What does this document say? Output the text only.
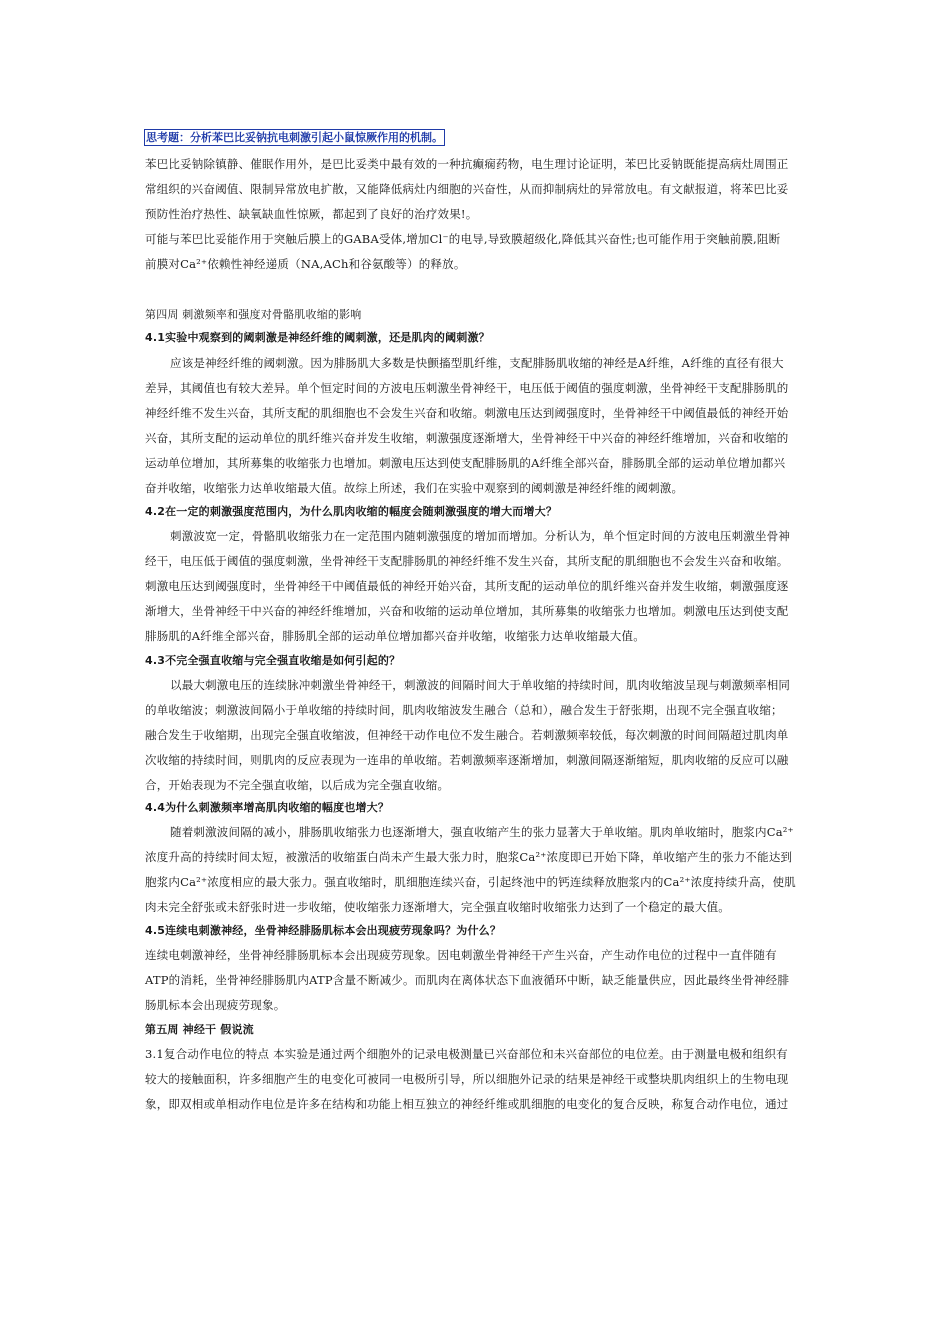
思考题：分析苯巴比妥钠抗电刺激引起小鼠惊厥作用的机制。
苯巴比妥钠除镇静、催眠作用外，是巴比妥类中最有效的一种抗癫痫药物，电生理讨论证明，苯巴比妥钠既能提高病灶周围正
常组织的兴奋阈值、限制异常放电扩散，又能降低病灶内细胞的兴奋性，从而抑制病灶的异常放电。有文献报道，将苯巴比妥
预防性治疗热性、缺氧缺血性惊厥，都起到了良好的治疗效果!。
可能与苯巴比妥能作用于突触后膜上的GABA受体,增加Cl⁻的电导,导致膜超级化,降低其兴奋性;也可能作用于突触前膜,阻断
前膜对Ca²⁺依赖性神经递质（NA,ACh和谷氨酸等）的释放。
第四周 刺激频率和强度对骨骼肌收缩的影响
4.1实验中观察到的阈刺激是神经纤维的阈刺激，还是肌肉的阈刺激？
应该是神经纤维的阈刺激。因为腓肠肌大多数是快颤搐型肌纤维，支配腓肠肌收缩的神经是A纤维，A纤维的直径有很大
差异，其阈值也有较大差异。单个恒定时间的方波电压刺激坐骨神经干，电压低于阈值的强度刺激，坐骨神经干支配腓肠肌的
神经纤维不发生兴奋，其所支配的肌细胞也不会发生兴奋和收缩。刺激电压达到阈强度时，坐骨神经干中阈值最低的神经开始
兴奋，其所支配的运动单位的肌纤维兴奋并发生收缩，刺激强度逐渐增大，坐骨神经干中兴奋的神经纤维增加，兴奋和收缩的
运动单位增加，其所募集的收缩张力也增加。刺激电压达到使支配腓肠肌的A纤维全部兴奋，腓肠肌全部的运动单位增加都兴
奋并收缩，收缩张力达单收缩最大值。故综上所述，我们在实验中观察到的阈刺激是神经纤维的阈刺激。
4.2在一定的刺激强度范围内，为什么肌肉收缩的幅度会随刺激强度的增大而增大？
刺激波宽一定，骨骼肌收缩张力在一定范围内随刺激强度的增加而增加。分析认为，单个恒定时间的方波电压刺激坐骨神
经干，电压低于阈值的强度刺激，坐骨神经干支配腓肠肌的神经纤维不发生兴奋，其所支配的肌细胞也不会发生兴奋和收缩。
刺激电压达到阈强度时，坐骨神经干中阈值最低的神经开始兴奋，其所支配的运动单位的肌纤维兴奋并发生收缩，刺激强度逐
渐增大，坐骨神经干中兴奋的神经纤维增加，兴奋和收缩的运动单位增加，其所募集的收缩张力也增加。刺激电压达到使支配
腓肠肌的A纤维全部兴奋，腓肠肌全部的运动单位增加都兴奋并收缩，收缩张力达单收缩最大值。
4.3不完全强直收缩与完全强直收缩是如何引起的？
以最大刺激电压的连续脉冲刺激坐骨神经干，刺激波的间隔时间大于单收缩的持续时间，肌肉收缩波呈现与刺激频率相同
的单收缩波；刺激波间隔小于单收缩的持续时间，肌肉收缩波发生融合（总和），融合发生于舒张期，出现不完全强直收缩；
融合发生于收缩期，出现完全强直收缩波，但神经干动作电位不发生融合。若刺激频率较低，每次刺激的时间间隔超过肌肉单
次收缩的持续时间，则肌肉的反应表现为一连串的单收缩。若刺激频率逐渐增加，刺激间隔逐渐缩短，肌肉收缩的反应可以融
合，开始表现为不完全强直收缩，以后成为完全强直收缩。
4.4为什么刺激频率增高肌肉收缩的幅度也增大？
随着刺激波间隔的减小，腓肠肌收缩张力也逐渐增大，强直收缩产生的张力显著大于单收缩。肌肉单收缩时，胞浆内Ca²⁺
浓度升高的持续时间太短，被激活的收缩蛋白尚未产生最大张力时，胞浆Ca²⁺浓度即已开始下降，单收缩产生的张力不能达到
胞浆内Ca²⁺浓度相应的最大张力。强直收缩时，肌细胞连续兴奋，引起终池中的钙连续释放胞浆内的Ca²⁺浓度持续升高，使肌
肉未完全舒张或未舒张时进一步收缩，使收缩张力逐渐增大，完全强直收缩时收缩张力达到了一个稳定的最大值。
4.5连续电刺激神经，坐骨神经腓肠肌标本会出现疲劳现象吗？为什么？
连续电刺激神经，坐骨神经腓肠肌标本会出现疲劳现象。因电刺激坐骨神经干产生兴奋，产生动作电位的过程中一直伴随有
ATP的消耗，坐骨神经腓肠肌内ATP含量不断减少。而肌肉在离体状态下血液循环中断，缺乏能量供应，因此最终坐骨神经腓
肠肌标本会出现疲劳现象。
第五周 神经干 假说流
3.1复合动作电位的特点 本实验是通过两个细胞外的记录电极测量已兴奋部位和未兴奋部位的电位差。由于测量电极和组织有
较大的接触面积，许多细胞产生的电变化可被同一电极所引导，所以细胞外记录的结果是神经干或整块肌肉组织上的生物电现
象，即双相或单相动作电位是许多在结构和功能上相互独立的神经纤维或肌细胞的电变化的复合反映，称复合动作电位，通过
